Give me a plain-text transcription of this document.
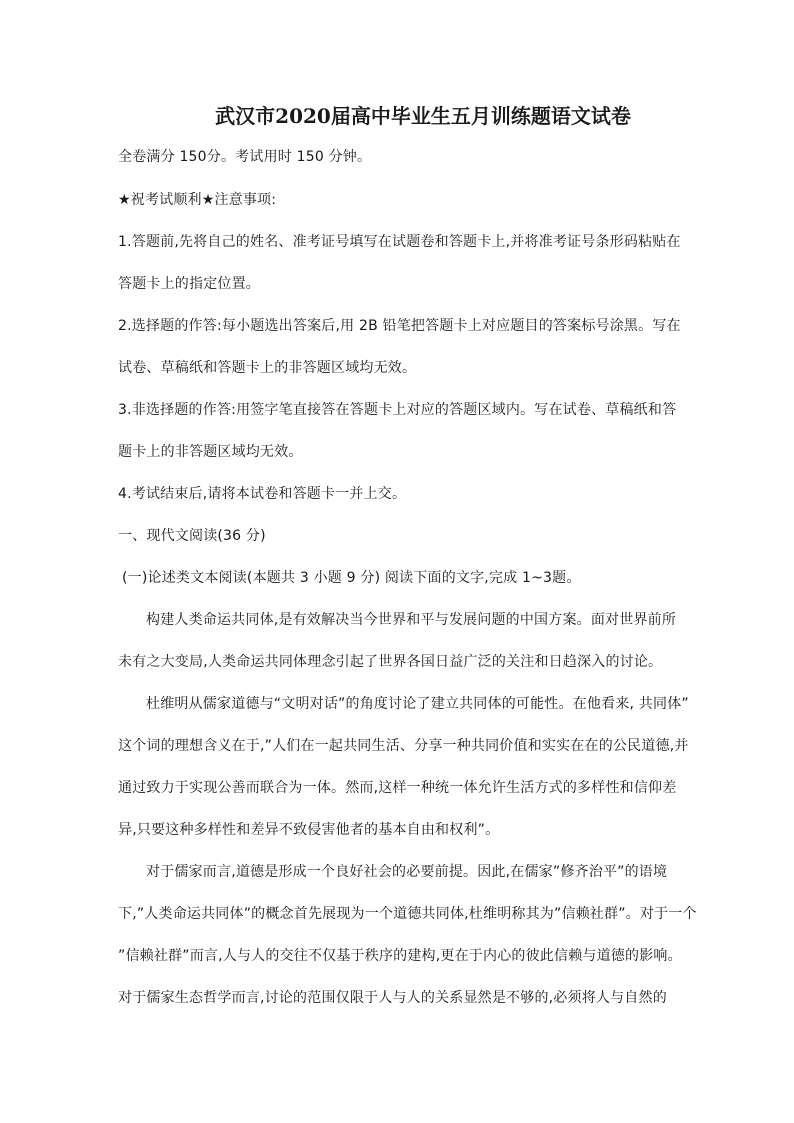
武汉市2020届高中毕业生五月训练题语文试卷
全卷满分 150分。考试用时 150 分钟。
★祝考试顺利★注意事项:
1.答题前,先将自己的姓名、准考证号填写在试题卷和答题卡上,并将准考证号条形码粘贴在
答题卡上的指定位置。
2.选择题的作答:每小题选出答案后,用 2B 铅笔把答题卡上对应题目的答案标号涂黑。写在
试卷、草稿纸和答题卡上的非答题区域均无效。
3.非选择题的作答:用签字笔直接答在答题卡上对应的答题区域内。写在试卷、草稿纸和答
题卡上的非答题区域均无效。
4.考试结束后,请将本试卷和答题卡一并上交。
一、现代文阅读(36 分)
(一)论述类文本阅读(本题共 3 小题 9 分) 阅读下面的文字,完成 1~3题。
构建人类命运共同体,是有效解决当今世界和平与发展问题的中国方案。面对世界前所
未有之大变局,人类命运共同体理念引起了世界各国日益广泛的关注和日趋深入的讨论。
杜维明从儒家道德与“文明对话”的角度讨论了建立共同体的可能性。在他看来, 共同体”
这个词的理想含义在于,”人们在一起共同生活、分享一种共同价值和实实在在的公民道德,并
通过致力于实现公善而联合为一体。然而,这样一种统一体允许生活方式的多样性和信仰差
异,只要这种多样性和差异不致侵害他者的基本自由和权利”。
对于儒家而言,道德是形成一个良好社会的必要前提。因此,在儒家”修齐治平”的语境
下,”人类命运共同体”的概念首先展现为一个道德共同体,杜维明称其为”信赖社群”。对于一个
”信赖社群”而言,人与人的交往不仅基于秩序的建构,更在于内心的彼此信赖与道德的影响。
对于儒家生态哲学而言,讨论的范围仅限于人与人的关系显然是不够的,必须将人与自然的
